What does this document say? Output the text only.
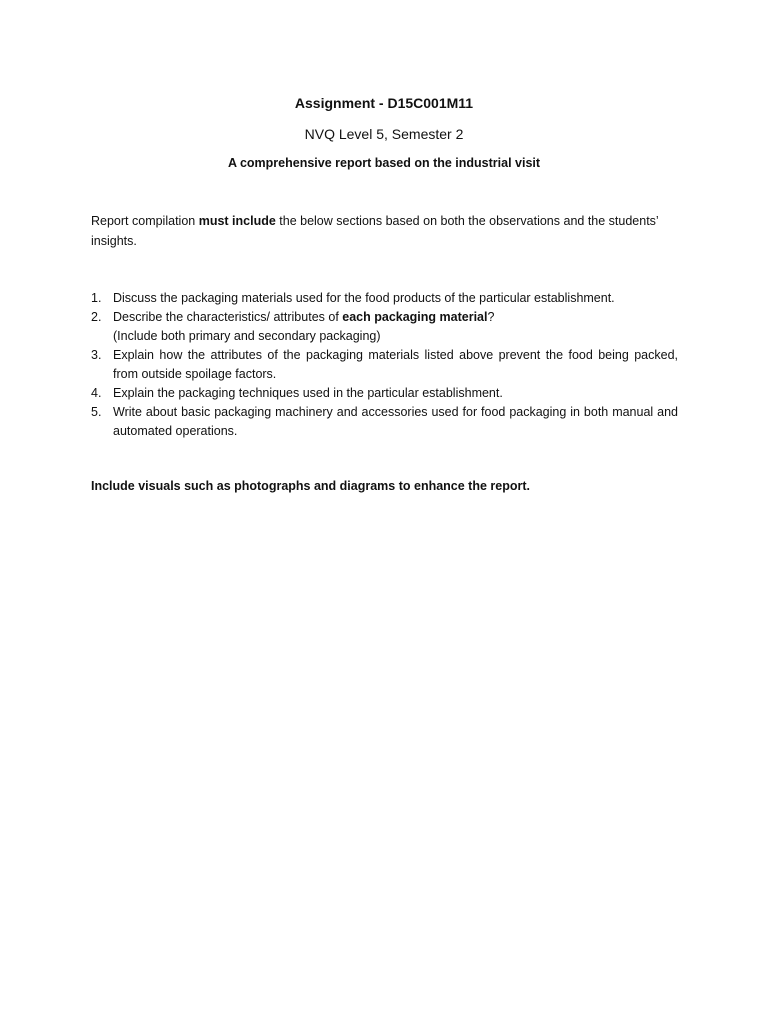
Assignment - D15C001M11
NVQ Level 5, Semester 2
A comprehensive report based on the industrial visit

Report compilation must include the below sections based on both the observations and the students’ insights.

1. Discuss the packaging materials used for the food products of the particular establishment.
2. Describe the characteristics/ attributes of each packaging material?
(Include both primary and secondary packaging)
3. Explain how the attributes of the packaging materials listed above prevent the food being packed, from outside spoilage factors.
4. Explain the packaging techniques used in the particular establishment.
5. Write about basic packaging machinery and accessories used for food packaging in both manual and automated operations.

Include visuals such as photographs and diagrams to enhance the report.
